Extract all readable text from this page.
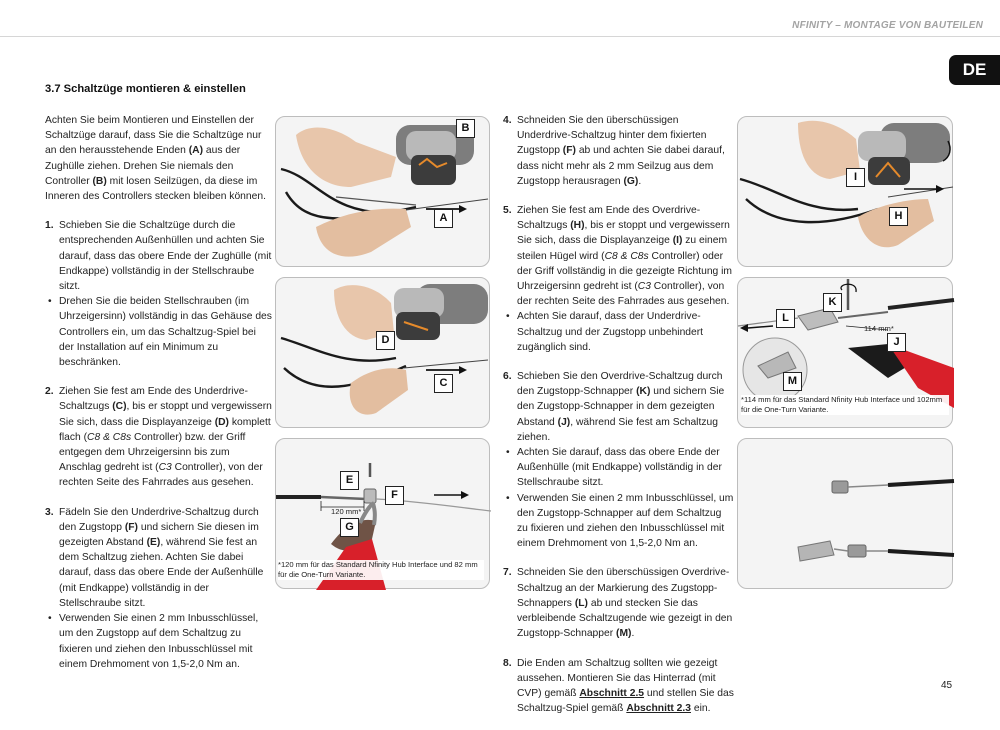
NFINITY – MONTAGE VON BAUTEILEN
DE
3.7 Schaltzüge montieren & einstellen

Achten Sie beim Montieren und Einstellen der Schaltzüge darauf, dass Sie die Schaltzüge nur an den herausstehende Enden (A) aus der Zughülle ziehen. Drehen Sie niemals den Controller (B) mit losen Seilzügen, da diese im Inneren des Controllers stecken bleiben können.

1. Schieben Sie die Schaltzüge durch die entsprechenden Außenhüllen und achten Sie darauf, dass das obere Ende der Zughülle (mit Endkappe) vollständig in der Stellschraube sitzt.
• Drehen Sie die beiden Stellschrauben (im Uhrzeigersinn) vollständig in das Gehäuse des Controllers ein, um das Schaltzug-Spiel bei der Installation auf ein Minimum zu beschränken.
2. Ziehen Sie fest am Ende des Underdrive-Schaltzugs (C), bis er stoppt und vergewissern Sie sich, dass die Displayanzeige (D) komplett flach (C8 & C8s Controller) bzw. der Griff entgegen dem Uhrzeigersinn bis zum Anschlag gedreht ist (C3 Controller), von der rechten Seite des Fahrrades aus gesehen.
3. Fädeln Sie den Underdrive-Schaltzug durch den Zugstopp (F) und sichern Sie diesen im gezeigten Abstand (E), während Sie fest an dem Schaltzug ziehen. Achten Sie dabei darauf, dass das obere Ende der Außenhülle (mit Endkappe) vollständig in der Stellschraube sitzt.
• Verwenden Sie einen 2 mm Inbusschlüssel, um den Zugstopp auf dem Schaltzug zu fixieren und ziehen den Inbusschlüssel mit einem Drehmoment von 1,5-2,0 Nm an.
4. Schneiden Sie den überschüssigen Underdrive-Schaltzug hinter dem fixierten Zugstopp (F) ab und achten Sie dabei darauf, dass nicht mehr als 2 mm Seilzug aus dem Zugstopp herausragen (G).
5. Ziehen Sie fest am Ende des Overdrive-Schaltzugs (H), bis er stoppt und vergewissern Sie sich, dass die Displayanzeige (I) zu einem steilen Hügel wird (C8 & C8s Controller) oder der Griff vollständig in die gezeigte Richtung im Uhrzeigersinn gedreht ist (C3 Controller), von der rechten Seite des Fahrrades aus gesehen.
• Achten Sie darauf, dass der Underdrive-Schaltzug und der Zugstopp unbehindert zugänglich sind.
6. Schieben Sie den Overdrive-Schaltzug durch den Zugstopp-Schnapper (K) und sichern Sie den Zugstopp-Schnapper in dem gezeigten Abstand (J), während Sie fest am Schaltzug ziehen.
• Achten Sie darauf, dass das obere Ende der Außenhülle (mit Endkappe) vollständig in der Stellschraube sitzt.
• Verwenden Sie einen 2 mm Inbusschlüssel, um den Zugstopp-Schnapper auf dem Schaltzug zu fixieren und ziehen den Inbusschlüssel mit einem Drehmoment von 1,5-2,0 Nm an.
7. Schneiden Sie den überschüssigen Overdrive-Schaltzug an der Markierung des Zugstopp-Schnappers (L) ab und stecken Sie das verbleibende Schaltzugende wie gezeigt in den Zugstopp-Schnapper (M).
8. Die Enden am Schaltzug sollten wie gezeigt aussehen. Montieren Sie das Hinterrad (mit CVP) gemäß Abschnitt 2.5 und stellen Sie das Schaltzug-Spiel gemäß Abschnitt 2.3 ein.
B
A
D
C
E
F
G
120 mm*
*120 mm für das Standard Nfinity Hub Interface und 82 mm für die One-Turn Variante.
I
H
K
L
J
M
114 mm*
*114 mm für das Standard Nfinity Hub Interface und 102mm für die One-Turn Variante.
45
